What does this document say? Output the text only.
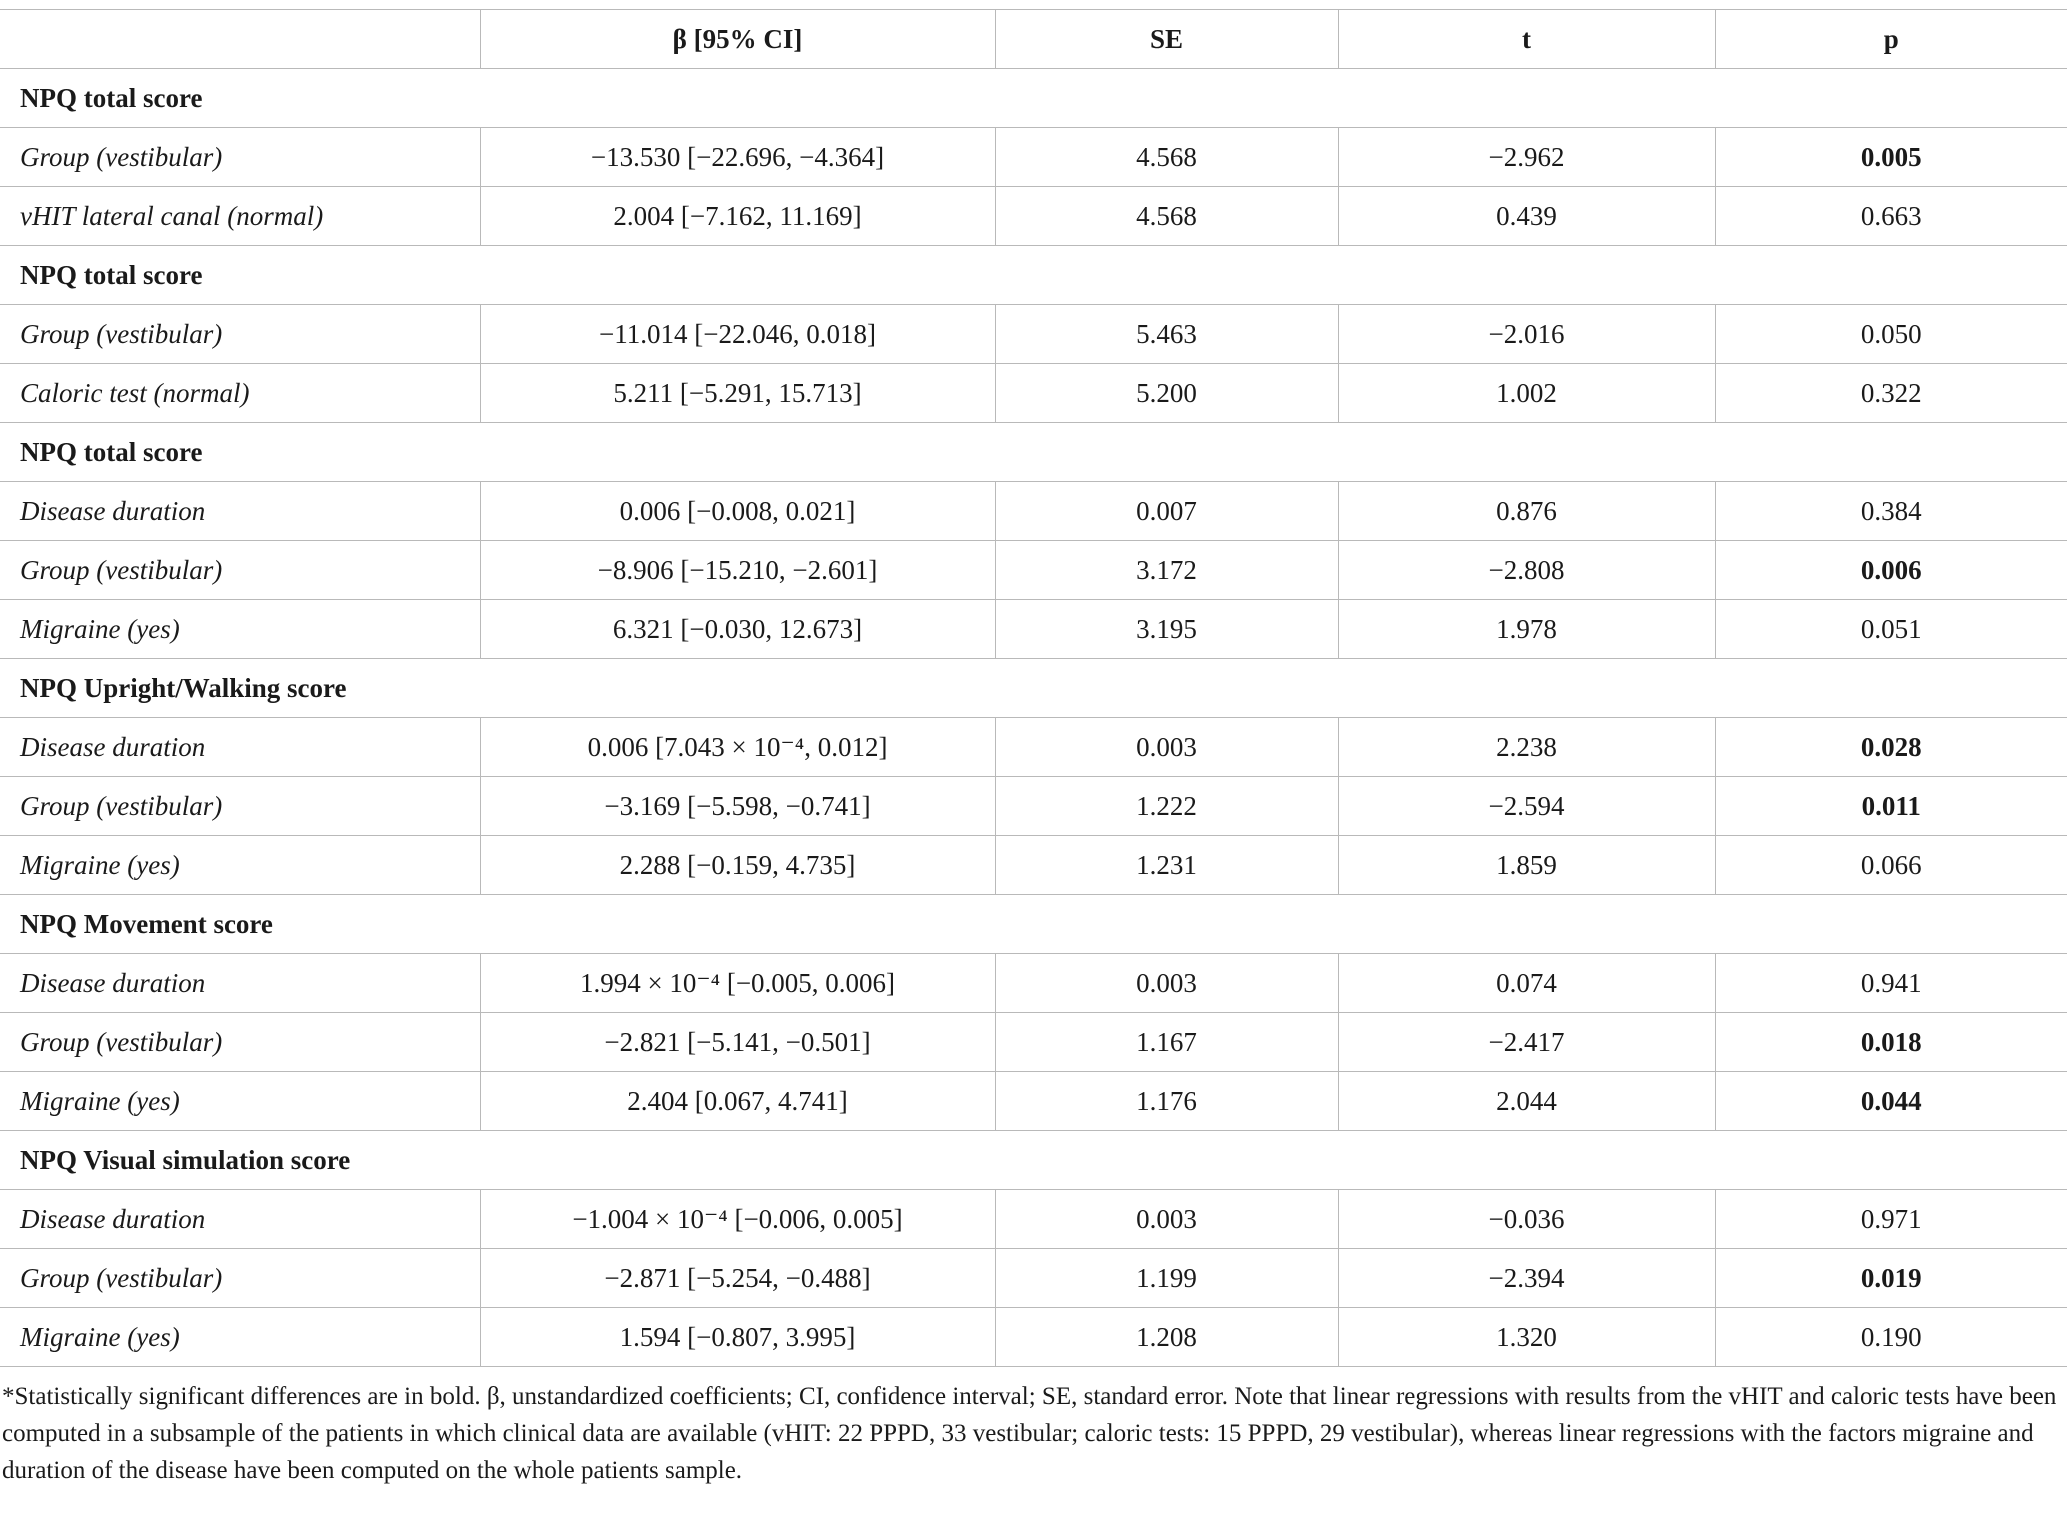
	β [95% CI]	SE	t	p
NPQ total score				
Group (vestibular)	−13.530 [−22.696, −4.364]	4.568	−2.962	0.005
vHIT lateral canal (normal)	2.004 [−7.162, 11.169]	4.568	0.439	0.663
NPQ total score				
Group (vestibular)	−11.014 [−22.046, 0.018]	5.463	−2.016	0.050
Caloric test (normal)	5.211 [−5.291, 15.713]	5.200	1.002	0.322
NPQ total score				
Disease duration	0.006 [−0.008, 0.021]	0.007	0.876	0.384
Group (vestibular)	−8.906 [−15.210, −2.601]	3.172	−2.808	0.006
Migraine (yes)	6.321 [−0.030, 12.673]	3.195	1.978	0.051
NPQ Upright/Walking score				
Disease duration	0.006 [7.043 × 10⁻⁴, 0.012]	0.003	2.238	0.028
Group (vestibular)	−3.169 [−5.598, −0.741]	1.222	−2.594	0.011
Migraine (yes)	2.288 [−0.159, 4.735]	1.231	1.859	0.066
NPQ Movement score				
Disease duration	1.994 × 10⁻⁴ [−0.005, 0.006]	0.003	0.074	0.941
Group (vestibular)	−2.821 [−5.141, −0.501]	1.167	−2.417	0.018
Migraine (yes)	2.404 [0.067, 4.741]	1.176	2.044	0.044
NPQ Visual simulation score				
Disease duration	−1.004 × 10⁻⁴ [−0.006, 0.005]	0.003	−0.036	0.971
Group (vestibular)	−2.871 [−5.254, −0.488]	1.199	−2.394	0.019
Migraine (yes)	1.594 [−0.807, 3.995]	1.208	1.320	0.190
*Statistically significant differences are in bold. β, unstandardized coefficients; CI, confidence interval; SE, standard error. Note that linear regressions with results from the vHIT and caloric tests have been computed in a subsample of the patients in which clinical data are available (vHIT: 22 PPPD, 33 vestibular; caloric tests: 15 PPPD, 29 vestibular), whereas linear regressions with the factors migraine and duration of the disease have been computed on the whole patients sample.
